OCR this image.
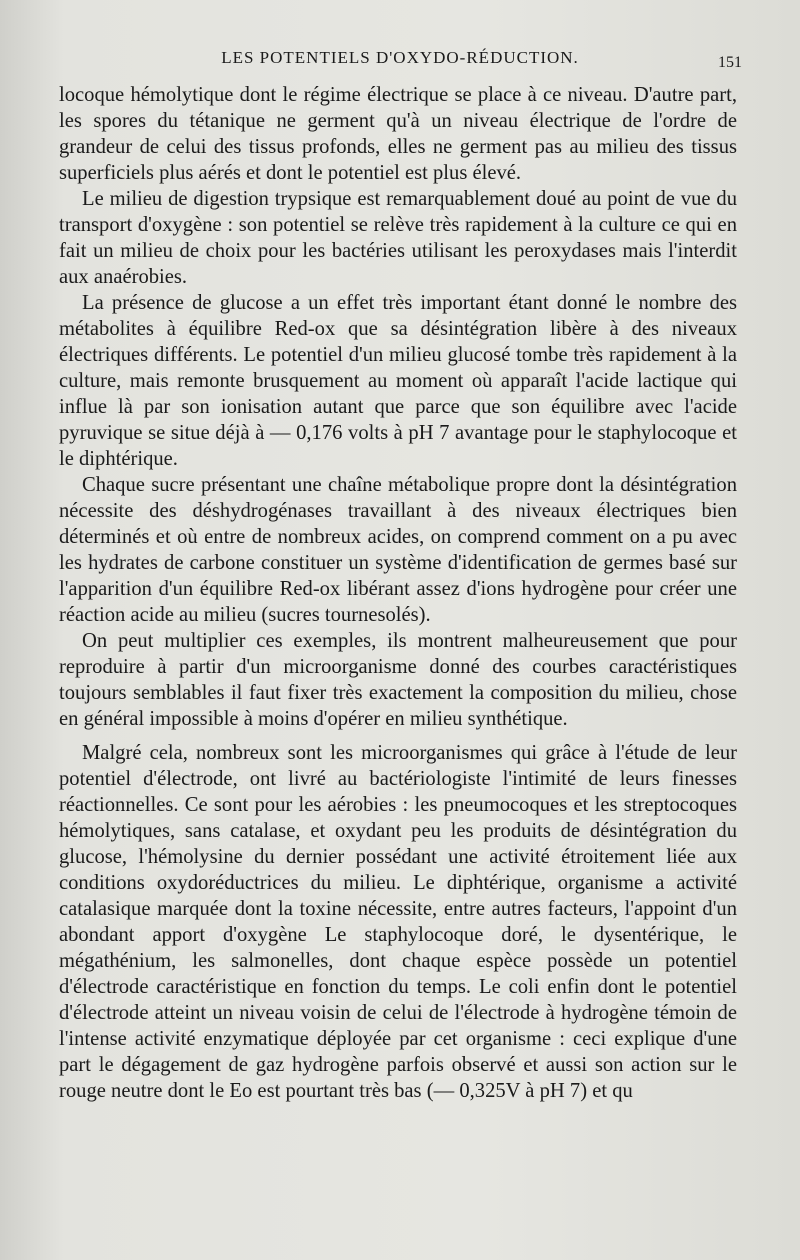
LES POTENTIELS D'OXYDO-RÉDUCTION.	151

locoque hémolytique dont le régime électrique se place à ce niveau. D'autre part, les spores du tétanique ne germent qu'à un niveau électrique de l'ordre de grandeur de celui des tissus profonds, elles ne germent pas au milieu des tissus superficiels plus aérés et dont le potentiel est plus élevé.

Le milieu de digestion trypsique est remarquablement doué au point de vue du transport d'oxygène : son potentiel se relève très rapidement à la culture ce qui en fait un milieu de choix pour les bactéries utilisant les peroxydases mais l'interdit aux anaérobies.

La présence de glucose a un effet très important étant donné le nombre des métabolites à équilibre Red-ox que sa désintégration libère à des niveaux électriques différents. Le potentiel d'un milieu glucosé tombe très rapidement à la culture, mais remonte brusquement au moment où apparaît l'acide lactique qui influe là par son ionisation autant que parce que son équilibre avec l'acide pyruvique se situe déjà à — 0,176 volts à pH 7 avantage pour le staphylocoque et le diphtérique.

Chaque sucre présentant une chaîne métabolique propre dont la désintégration nécessite des déshydrogénases travaillant à des niveaux électriques bien déterminés et où entre de nombreux acides, on comprend comment on a pu avec les hydrates de carbone constituer un système d'identification de germes basé sur l'apparition d'un équilibre Red-ox libérant assez d'ions hydrogène pour créer une réaction acide au milieu (sucres tournesolés).

On peut multiplier ces exemples, ils montrent malheureusement que pour reproduire à partir d'un microorganisme donné des courbes caractéristiques toujours semblables il faut fixer très exactement la composition du milieu, chose en général impossible à moins d'opérer en milieu synthétique.

Malgré cela, nombreux sont les microorganismes qui grâce à l'étude de leur potentiel d'électrode, ont livré au bactériologiste l'intimité de leurs finesses réactionnelles. Ce sont pour les aérobies : les pneumocoques et les streptocoques hémolytiques, sans catalase, et oxydant peu les produits de désintégration du glucose, l'hémolysine du dernier possédant une activité étroitement liée aux conditions oxydoréductrices du milieu. Le diphtérique, organisme a activité catalasique marquée dont la toxine nécessite, entre autres facteurs, l'appoint d'un abondant apport d'oxygène Le staphylocoque doré, le dysentérique, le mégathénium, les salmonelles, dont chaque espèce possède un potentiel d'électrode caractéristique en fonction du temps. Le coli enfin dont le potentiel d'électrode atteint un niveau voisin de celui de l'électrode à hydrogène témoin de l'intense activité enzymatique déployée par cet organisme : ceci explique d'une part le dégagement de gaz hydrogène parfois observé et aussi son action sur le rouge neutre dont le Eo est pourtant très bas (— 0,325V à pH 7) et qu
